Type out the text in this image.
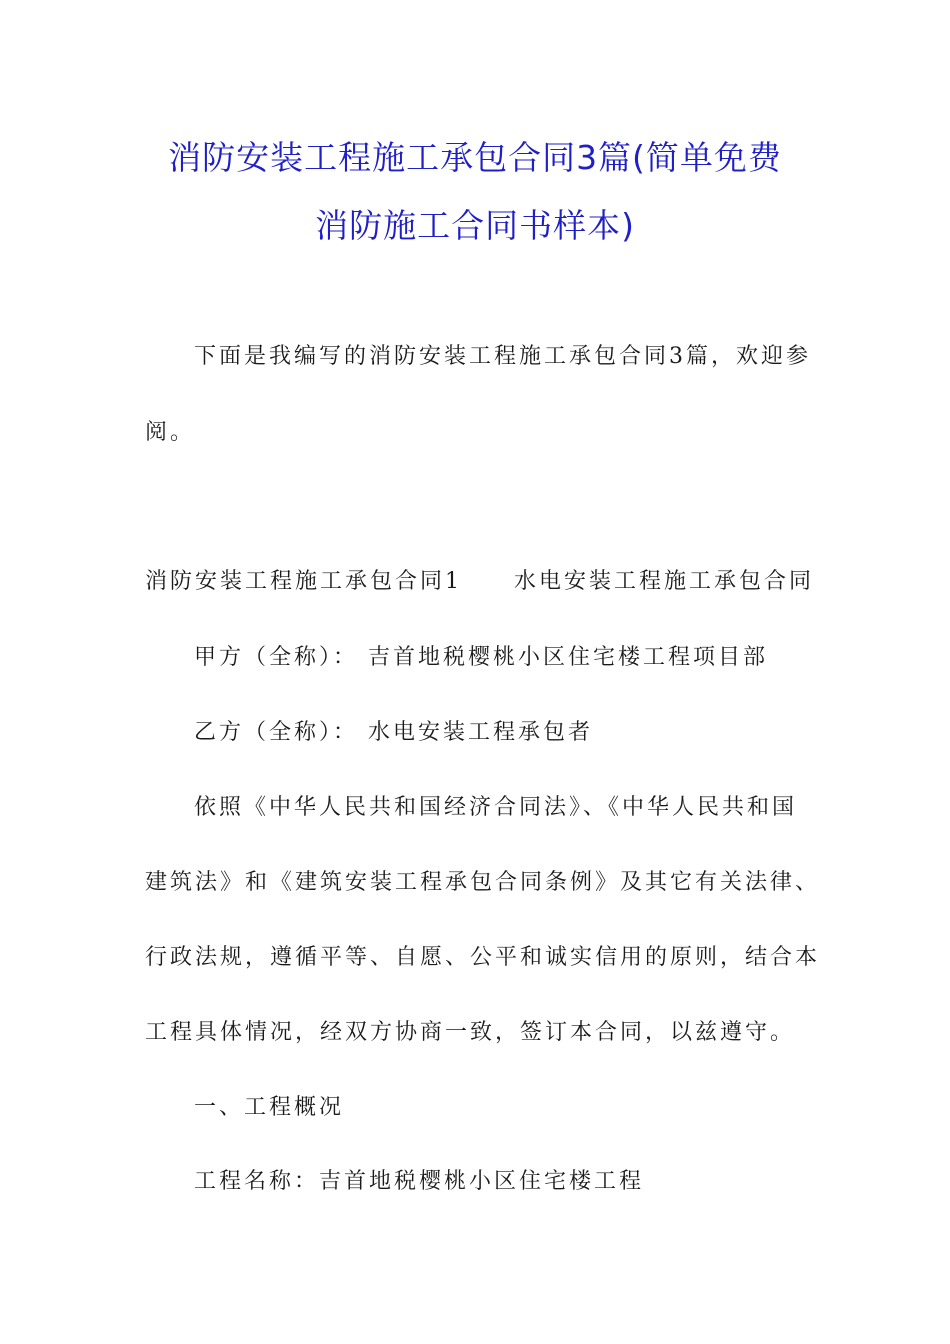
消防安装工程施工承包合同3篇(简单免费
消防施工合同书样本)
下面是我编写的消防安装工程施工承包合同3篇，欢迎参
阅。
消防安装工程施工承包合同1 水电安装工程施工承包合同
甲方（全称）： 吉首地税樱桃小区住宅楼工程项目部
乙方（全称）： 水电安装工程承包者
依照《中华人民共和国经济合同法》、《中华人民共和国
建筑法》和《建筑安装工程承包合同条例》及其它有关法律、
行政法规，遵循平等、自愿、公平和诚实信用的原则，结合本
工程具体情况，经双方协商一致，签订本合同，以兹遵守。
一、工程概况
工程名称：吉首地税樱桃小区住宅楼工程
